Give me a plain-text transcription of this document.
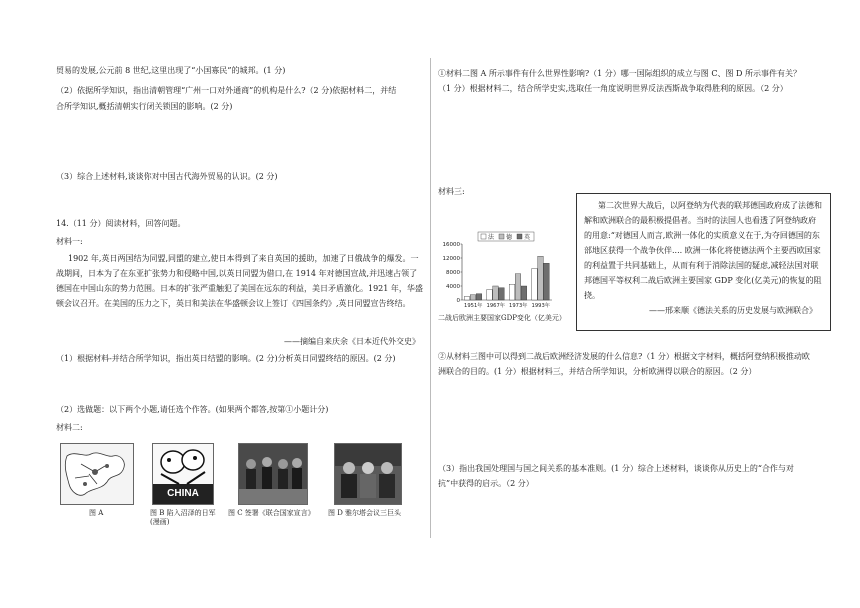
贸易的发展,公元前 8 世纪,这里出现了“小国寡民”的城邦。(1 分)
（2）依据所学知识，指出清朝管理“广州一口对外通商”的机构是什么?（2 分)依据材料二，并结
合所学知识,概括清朝实行闭关锁国的影响。(2 分)
（3）综合上述材料,谈谈你对中国古代海外贸易的认识。(2 分)
14.（11 分）阅读材料，回答问题。
材料一:
1902 年,英日两国结为同盟,同盟的建立,使日本得到了来自英国的援助，加速了日俄战争的爆发。一战期间，日本为了在东亚扩张势力和侵略中国,以英日同盟为借口,在 1914 年对德国宣战,并迅速占领了德国在中国山东的势力范围。日本的扩张严重触犯了美国在远东的利益，美日矛盾激化。1921 年，华盛顿会议召开。在美国的压力之下，英日和美法在华盛顿会议上签订《四国条约》,英日同盟宣告终结。
——摘编自来庆余《日本近代外交史》
（1）根据材料-并结合所学知识，指出英日结盟的影响。(2 分)分析英日同盟终结的原因。(2 分)
（2）选做题：以下两个小题,请任选个作答。(如果两个都答,按第①小题计分)
材料二:
CHINA
图 A	图 B 陷入沼泽的日军(漫画)
图 C 签署《联合国家宣言》 图 D 雅尔塔会议三巨头
①材料二图 A 所示事件有什么世界性影响?（1 分）哪一国际组织的成立与图 C、图 D 所示事件有关？（1 分）根据材料二，结合所学史实,选取任一角度说明世界反法西斯战争取得胜利的原因。（2 分）
材料三:
0
4000
8000
12000
16000
1951年 1967年 1973年 1993年
法 德 英
二战后欧洲主要国家GDP变化（亿美元）
第二次世界大战后，以阿登纳为代表的联邦德国政府成了法德和解和欧洲联合的最积极提倡者。当时的法国人也看透了阿登纳政府的用意:“对德国人而言,欧洲一体化的实质意义在于,为夺回德国的东部地区获得一个战争伙伴.... 欧洲一体化将使德法两个主要西欧国家的利益置于共同基础上，从而有利于消除法国的疑虑,减轻法国对联邦德国平等权利二战后欧洲主要国家 GDP 变化(亿美元)的恢复的阻挠。
——邢来顺《德法关系的历史发展与欧洲联合》
②从材料三图中可以得到二战后欧洲经济发展的什么信息?（1 分）根据文字材料，概括阿登纳积极推动欧洲联合的目的。(1 分）根据材料三，并结合所学知识，分析欧洲得以联合的原因。（2 分）
（3）指出我国处理国与国之间关系的基本准则。(1 分）综合上述材料，谈谈你从历史上的“合作与对抗”中获得的启示。（2 分）
